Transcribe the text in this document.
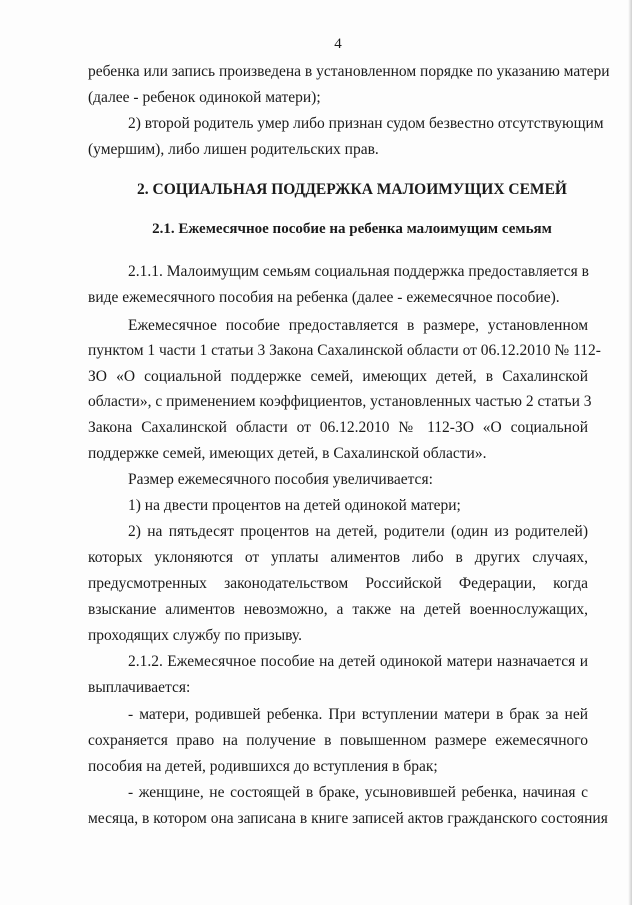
4
ребенка или запись произведена в установленном порядке по указанию матери
(далее - ребенок одинокой матери);
2) второй родитель умер либо признан судом безвестно отсутствующим
(умершим), либо лишен родительских прав.
2. СОЦИАЛЬНАЯ ПОДДЕРЖКА МАЛОИМУЩИХ СЕМЕЙ
2.1. Ежемесячное пособие на ребенка малоимущим семьям
2.1.1. Малоимущим семьям социальная поддержка предоставляется в
виде ежемесячного пособия на ребенка (далее - ежемесячное пособие).
Ежемесячное пособие предоставляется в размере, установленном
пунктом 1 части 1 статьи 3 Закона Сахалинской области от 06.12.2010 № 112-
ЗО «О социальной поддержке семей, имеющих детей, в Сахалинской
области», с применением коэффициентов, установленных частью 2 статьи 3
Закона Сахалинской области от 06.12.2010 № 112-ЗО «О социальной
поддержке семей, имеющих детей, в Сахалинской области».
Размер ежемесячного пособия увеличивается:
1) на двести процентов на детей одинокой матери;
2) на пятьдесят процентов на детей, родители (один из родителей)
которых уклоняются от уплаты алиментов либо в других случаях,
предусмотренных законодательством Российской Федерации, когда
взыскание алиментов невозможно, а также на детей военнослужащих,
проходящих службу по призыву.
2.1.2. Ежемесячное пособие на детей одинокой матери назначается и
выплачивается:
- матери, родившей ребенка. При вступлении матери в брак за ней
сохраняется право на получение в повышенном размере ежемесячного
пособия на детей, родившихся до вступления в брак;
- женщине, не состоящей в браке, усыновившей ребенка, начиная с
месяца, в котором она записана в книге записей актов гражданского состояния
